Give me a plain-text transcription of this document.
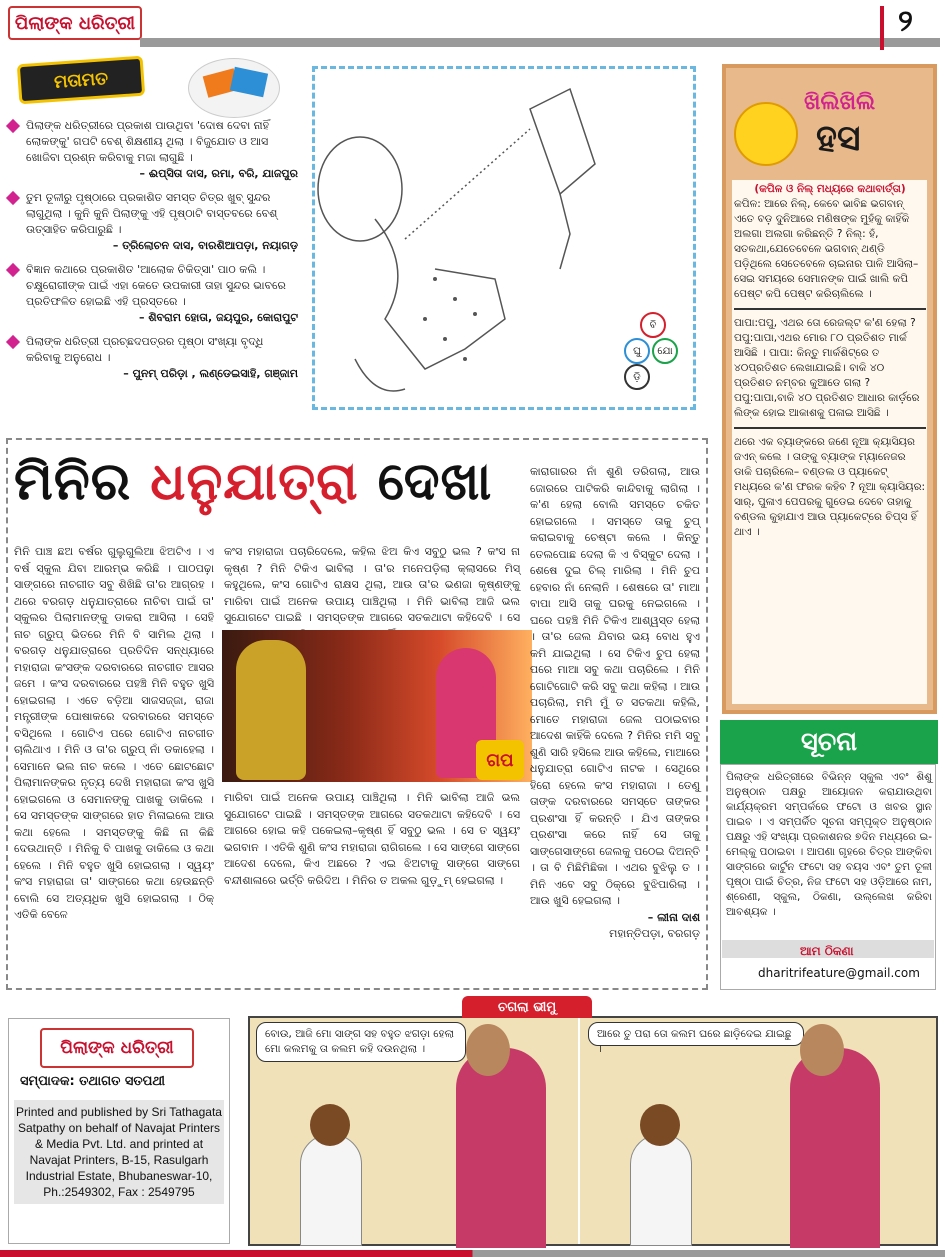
ପିଲାଙ୍କ ଧରିତ୍ରୀ	୨
ମତାମତ
ପିଲାଙ୍କ ଧରିତ୍ରୀରେ ପ୍ରକାଶ ପାଉଥିବା 'ଦୋଷ ଦେବା ନାହିଁ ଲୋକଙ୍କୁ' ଗପଟି ବେଶ୍ ଶିକ୍ଷଣୀୟ ଥିଲା । ବିଜୁଯୋତ ଓ ଆସ ଖୋଜିବା ପ୍ରଶ୍ନ କରିବାକୁ ମଜା ଲାଗୁଛି ।
– ଈପ୍ସିତା ଦାସ, ରମା, ବରି, ଯାଜପୁର
ତୁମ ତୂଳୀରୁ ପୃଷ୍ଠାରେ ପ୍ରକାଶିତ ସମସ୍ତ ଚିତ୍ର ଖୁବ୍ ସୁନ୍ଦର ଲାଗୁଥିଲା । କୁନି କୁନି ପିଲାଙ୍କୁ ଏହି ପୃଷ୍ଠାଟି ବାସ୍ତବରେ ବେଶ୍ ଉତ୍ସାହିତ କରିପାରୁଛି ।
– ତ୍ରିଲୋଚନ ଦାସ, ବାରଶିଆପଡ଼ା, ନୟାଗଡ଼
ବିଜ୍ଞାନ କଥାରେ ପ୍ରକାଶିତ 'ଆଲୋକ ଚିକିତ୍ସା' ପାଠ କଲି । ଚକ୍ଷୁରୋଗୀଙ୍କ ପାଇଁ ଏହା କେତେ ଉପକାରୀ ତାହା ସୁନ୍ଦର ଭାବରେ ପ୍ରତିଫଳିତ ହୋଇଛି ଏହି ପ୍ରସ୍ତରେ ।
– ଶିବରାମ ହୋତା, ଜୟପୁର, କୋରାପୁଟ
ପିଲାଙ୍କ ଧରିତ୍ରୀ ପ୍ରଚ୍ଛଦପତ୍ରର ପୃଷ୍ଠା ସଂଖ୍ୟା ବୃଦ୍ଧି କରିବାକୁ ଅନୁରୋଧ ।
– ପୁନମ୍ ପରିଡ଼ା , ଲଣ୍ଡେଇସାହି, ଗଞ୍ଜାମ
ବି
ଘୁ	ଯୋ
ଡ଼ି
ଖିଲିଖିଲି
ହସ
(କପିଳ ଓ ନିଲ୍ ମଧ୍ୟରେ କଥାବାର୍ତ୍ତା)
କପିଳ: ଆରେ ନିଲ୍, କେବେ ଭାବିଛ ଭଗବାନ୍ ଏତେ ବଡ଼ ଦୁନିଆରେ ମଣିଷଙ୍କ ମୁହଁକୁ କାହିଁକି ଅଲଗା ଅଲଗା କରିଛନ୍ତି ? ନିଲ୍: ହଁ, ସତକଥା,ଯେତେବେଳେ ଭଗବାନ୍ ଥଣ୍ଡି ପଡ଼ିଥିଲେ ସେତେବେଳେ ଚାଇନାର ପାଳି ଆସିଲା–ସେଇ ସମୟରେ ସେମାନଙ୍କ ପାଇଁ ଖାଲି କପି ପେଷ୍ଟ କପି ପେଷ୍ଟ କରିଚାଲିଲେ ।
ପାପା:ପପୁ, ଏଥର ତୋ ରେଜଲ୍ଟ କ'ଣ ହେଲା ? ପପୁ:ପାପା,ଏଥର ମୋର ୮୦ ପ୍ରତିଶତ ମାର୍କ ଆସିଛି । ପାପା: କିନ୍ତୁ ମାର୍କଶିଟ୍‌ରେ ତ ୪୦ପ୍ରତିଶତ ଲେଖାଯାଇଛି। ବାକି ୪୦ ପ୍ରତିଶତ ନମ୍ବର କୁଆଡେ ଗଲା ? ପପୁ:ପାପା,ବାକି ୪୦ ପ୍ରତିଶତ ଆଧାର କାର୍ଡ଼ରେ ଲିଙ୍କ ହୋଇ ଆକାଶକୁ ପଳାଇ ଆସିଛି ।
ଥରେ ଏକ ବ୍ୟାଙ୍କରେ ଜଣେ ନୂଆ କ୍ୟାସିୟର ଜଏନ୍ କଲେ । ତାଙ୍କୁ ବ୍ୟାଙ୍କ ମ୍ୟାନେଜର ଡାକି ପଚାରିଲେ– ବଣ୍ଡଲ ଓ ପ୍ୟାକେଟ୍ ମଧ୍ୟରେ କ'ଣ ଫରକ କହିବ ? ନୂଆ କ୍ୟାସିୟର: ସାର୍, ପୁଳାଏ ପେପରକୁ ଗୁଡେଇ ଦେବେ ତାହାକୁ ବଣ୍ଡଲ କୁହାଯାଏ ଆଉ ପ୍ୟାକେଟ୍‌ରେ ଚିପ୍ସ ହିଁ ଥାଏ ।
ସୂଚନା
ପିଲାଙ୍କ ଧରିତ୍ରୀରେ ବିଭିନ୍ନ ସ୍କୁଲ ଏବଂ ଶିଶୁ ଅନୁଷ୍ଠାନ ପକ୍ଷରୁ ଆୟୋଜନ କରାଯାଉଥିବା କାର୍ଯ୍ୟକ୍ରମ ସମ୍ପର୍କରେ ଫଟୋ ଓ ଖବର ସ୍ଥାନ ପାଇବ । ଏ ସମ୍ପର୍କିତ ସୂଚନା ସମ୍ପୃକ୍ତ ଅନୁଷ୍ଠାନ ପକ୍ଷରୁ ଏହି ସଂଖ୍ୟା ପ୍ରକାଶନର ୭ଦିନ ମଧ୍ୟରେ ଇ-ମେଲ୍‌କୁ ପଠାଇବା । ଆପଣା ଗୃହରେ ଚିତ୍ର ଆଙ୍କିବା ସାଙ୍ଗରେ କାର୍ଟୁନ ଫଟୋ ସହ ବୟସ ଏବଂ ତୁମ ତୂଳୀ ପୃଷ୍ଠା ପାଇଁ ଚିତ୍ର, ନିଜ ଫଟୋ ସହ ଓଡ଼ିଆରେ ନାମ, ଶ୍ରେଣୀ, ସ୍କୁଲ, ଠିକଣା, ଉଲ୍ଲେଖ କରିବା ଆବଶ୍ୟକ ।
ଆମ ଠିକଣା
dharitrifeature@gmail.com
ମିନିର ଧନୁଯାତ୍ରା ଦେଖା
ମିନି ପାଞ୍ଚ ଛଅ ବର୍ଷର ଗୁଲୁଗୁଲିଆ ଝିଅଟିଏ । ଏ ବର୍ଷ ସ୍କୁଲ ଯିବା ଆରମ୍ଭ କରିଛି । ପାଠପଢ଼ା ସାଙ୍ଗରେ ନାଚଗୀତ ସବୁ ଶିଖିଛି ତା'ର ଆଗ୍ରହ । ଥରେ ବରଗଡ଼ ଧନୁଯାତ୍ରାରେ ନାଚିବା ପାଇଁ ତା' ସ୍କୁଲର ପିଲାମାନଙ୍କୁ ଡାକରା ଆସିଲା । ସେହି ନାଚ ଗ୍ରୁପ୍ ଭିତରେ ମିନି ବି ସାମିଲ ଥିଲା । ବରଗଡ଼ ଧନୁଯାତ୍ରାରେ ପ୍ରତିଦିନ ସନ୍ଧ୍ୟାରେ ମହାରାଜା କଂସଙ୍କ ଦରବାରରେ ନାଚଗୀତ ଆସର ଜମେ । କଂସ ଦରବାରରେ ପହଞ୍ଚି ମିନି ବହୁତ ଖୁସି ହୋଇଗଲା । ଏତେ ବଡ଼ିଆ ସାଜସଜ୍ଜା, ରାଜା ମନ୍ତ୍ରୀଙ୍କ ପୋଷାକରେ ଦରବାରରେ ସମସ୍ତେ ବସିଥିଲେ । ଗୋଟିଏ ପରେ ଗୋଟିଏ ନାଚଗୀତ ଚାଲିଥାଏ । ମିନି ଓ ତା'ର ଗ୍ରୁପ୍ ନାଁ ଡକାହେଲା । ସେମାନେ ଭଲ ନାଚ କଲେ । ଏତେ ଛୋଟଛୋଟ ପିଲାମାନଙ୍କର ନୃତ୍ୟ ଦେଖି ମହାରାଜା କଂସ ଖୁସି ହୋଇଗଲେ ଓ ସେମାନଙ୍କୁ ପାଖକୁ ଡାକିଲେ । ସେ ସମସ୍ତଙ୍କ ସାଙ୍ଗରେ ହାତ ମିଳାଇଲେ ଆଉ କଥା ହେଲେ । ସମସ୍ତଙ୍କୁ କିଛି ନା କିଛି ଦେଉଥାନ୍ତି । ମିନିକୁ ବି ପାଖକୁ ଡାକିଲେ ଓ କଥା ହେଲେ । ମିନି ବହୁତ ଖୁସି ହୋଇଗଲା । ସ୍ୱୟଂ କଂସ ମହାରାଜା ତା' ସାଙ୍ଗରେ କଥା ହେଉଛନ୍ତି ବୋଲି ସେ ଅତ୍ୟଧିକ ଖୁସି ହୋଇଗଲା । ଠିକ୍ ଏତିକି ବେଳେ
କଂସ ମହାରାଜା ପଚାରିଦେଲେ, କହିଲ ଝିଅ କିଏ ସବୁଠୁ ଭଲ ? କଂସ ନା କୃଷ୍ଣ ? ମିନି ଟିକିଏ ଭାବିଲା । ତା'ର ମନେପଡ଼ିଲା କ୍ଲାସରେ ମିସ୍ କହୁଥିଲେ, କଂସ ଗୋଟିଏ ରାକ୍ଷସ ଥିଲା, ଆଉ ତା'ର ଭଣଜା କୃଷ୍ଣଙ୍କୁ ମାରିବା ପାଇଁ ଅନେକ ଉପାୟ ପାଞ୍ଚିଥିଲା । ମିନି ଭାବିଲା ଆଜି ଭଲ ସୁଯୋଗଟେ ପାଇଛି । ସମସ୍ତଙ୍କ ଆଗରେ ସତକଥାଟା କହିଦେବି । ସେ
ଗପ
ମାରିବା ପାଇଁ ଅନେକ ଉପାୟ ପାଞ୍ଚିଥିଲା । ମିନି ଭାବିଲା ଆଜି ଭଲ ସୁଯୋଗଟେ ପାଇଛି । ସମସ୍ତଙ୍କ ଆଗରେ ସତକଥାଟା କହିଦେବି । ସେ ଆଗରେ ହୋଇ କହି ପକେଇଲା–କୃଷ୍ଣ ହିଁ ସବୁଠୁ ଭଲ । ସେ ତ ସ୍ୱୟଂ ଭଗବାନ । ଏତିକି ଶୁଣି କଂସ ମହାରାଜା ରାଗିଗଲେ । ସେ ସାଙ୍ଗେ ସାଙ୍ଗେ ଆଦେଶ ଦେଲେ, କିଏ ଅଛରେ ? ଏଇ ଝିଅଟାକୁ ସାଙ୍ଗେ ସାଙ୍ଗେ ବନ୍ଦୀଶାଳାରେ ଭର୍ତ୍ତି କରିଦିଅ । ମିନିର ତ ଅକଲ ଗୁଡ଼ୁମ୍ ହେଇଗଲା ।
କାରାଗାରର ନାଁ ଶୁଣି ଡରିଗଲା, ଆଉ ଜୋରରେ ପାଟିକରି କାନ୍ଦିବାକୁ ଲାଗିଲା । କ'ଣ ହେଲା ବୋଲି ସମସ୍ତେ ଚକିତ ହୋଇଗଲେ । ସମସ୍ତେ ତାକୁ ଚୁପ୍ କରାଇବାକୁ ଚେଷ୍ଟା କଲେ । କିନ୍ତୁ ତେଲପୋଛ ଦେଲା କି ଏ ବିସ୍କୁଟ ଦେଲା । ଶେଷେ ଦୁଇ ଚିଲ୍ ମାରିଲା । ମିନି ଚୁପ ହେବାର ନାଁ ନେଲାନି । ଶେଷରେ ତା' ମାଆ ବାପା ଆସି ତାକୁ ଘରକୁ ନେଇଗଲେ । ଘରେ ପହଞ୍ଚି ମିନି ଟିକିଏ ଆଶ୍ୱସ୍ତ ହେଲା । ତା'ର ଜେଲ ଯିବାର ଭୟ ବୋଧ ହୁଏ କମି ଯାଇଥିଲା । ସେ ଟିକିଏ ଚୁପ ହେଲା ପରେ ମାଆ ସବୁ କଥା ପଚାରିଲେ । ମିନି ଗୋଟିଗୋଟି କରି ସବୁ କଥା କହିଲା । ଆଉ ପଚାରିଲା, ମମି ମୁଁ ତ ସତକଥା କହିଲି, ମୋତେ ମହାରାଜା ଜେଲ ପଠାଇବାର ଆଦେଶ କାହିଁକି ଦେଲେ ? ମିନିର ମମି ସବୁ ଶୁଣି ସାରି ହସିଲେ ଆଉ କହିଲେ, ମାଆରେ ଧନୁଯାତ୍ରା ଗୋଟିଏ ନାଟକ । ସେଥିରେ ହିରୋ ହେଲେ କଂସ ମହାରାଜା । ତେଣୁ ତାଙ୍କ ଦରବାରରେ ସମସ୍ତେ ତାଙ୍କର ପ୍ରଶଂସା ହିଁ କରନ୍ତି । ଯିଏ ତାଙ୍କର ପ୍ରଶଂସା କରେ ନାହିଁ ସେ ତାକୁ ସାଙ୍ଗେସାଙ୍ଗେ ଜେଲକୁ ପଠେଇ ଦିଅନ୍ତି । ତା ବି ମିଛିମିଛିକା । ଏଥର ବୁଝିଲୁ ତ । ମିନି ଏବେ ସବୁ ଠିକ୍‌ରେ ବୁଝିପାରିଲା । ଆଉ ଖୁସି ହେଇଗଲା ।
– ଲୀନା ଦାଶ
ମହାନ୍ତିପଡ଼ା, ବରଗଡ଼
ପିଲାଙ୍କ ଧରିତ୍ରୀ
ସମ୍ପାଦକ: ତଥାଗତ ସତପଥୀ
Printed and published by Sri Tathagata Satpathy on behalf of Navajat Printers & Media Pvt. Ltd. and printed at Navajat Printers, B-15, Rasulgarh Industrial Estate, Bhubaneswar-10, Ph.:2549302, Fax : 2549795
ଚଗଲା ଭୀମୁ
ବୋଉ, ଆଜି ମୋ ସାଙ୍ଗ ସହ ବହୁତ ଝଗଡ଼ା ହେଲା ମୋ କଲମକୁ ତା କଲମ କହି ଦଉନଥିଲା ।
ଆରେ ତୁ ପରା ତୋ କଲମ ଘରେ ଛାଡ଼ିଦେଇ ଯାଇଛୁ ।
